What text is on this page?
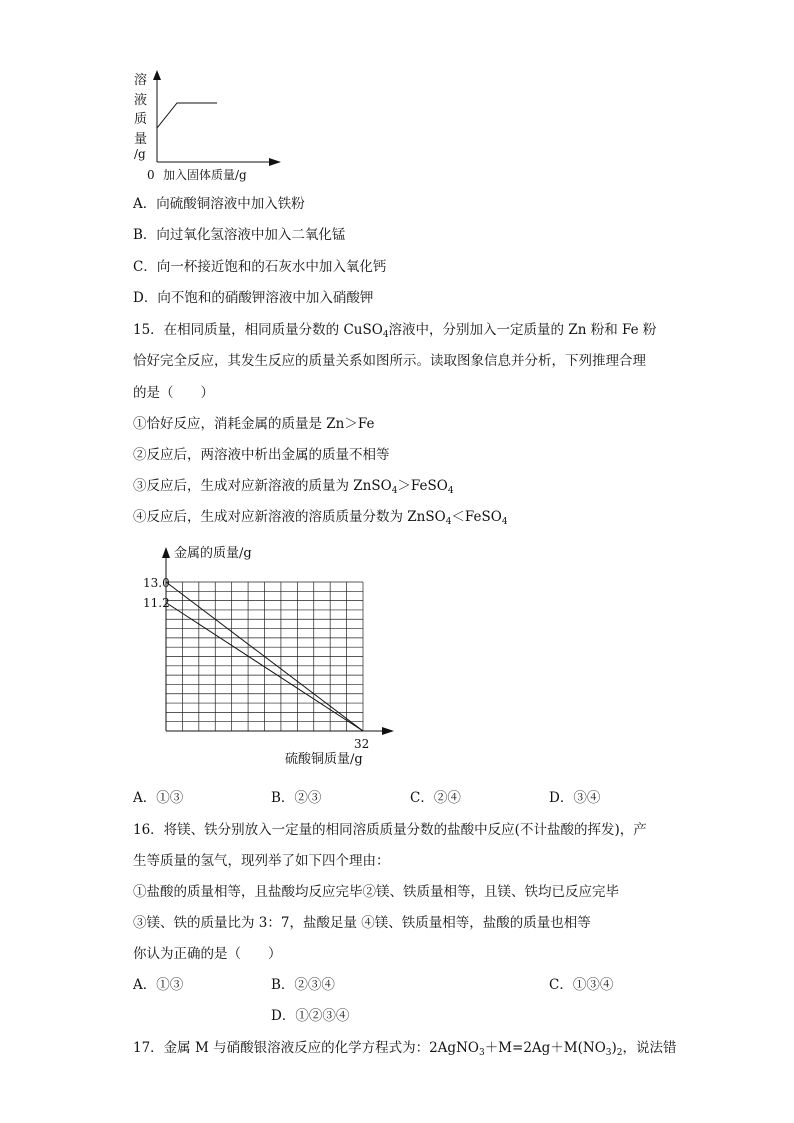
溶
液
质
量
/g
0 加入固体质量/g
A．向硫酸铜溶液中加入铁粉
B．向过氧化氢溶液中加入二氧化锰
C．向一杯接近饱和的石灰水中加入氧化钙
D．向不饱和的硝酸钾溶液中加入硝酸钾
15．在相同质量，相同质量分数的 CuSO$_4$溶液中，分别加入一定质量的 Zn 粉和 Fe 粉
恰好完全反应，其发生反应的质量关系如图所示。读取图象信息并分析，下列推理合理
的是（　　）
①恰好反应，消耗金属的质量是 Zn＞Fe
②反应后，两溶液中析出金属的质量不相等
③反应后，生成对应新溶液的质量为 ZnSO$_4$＞FeSO$_4$
④反应后，生成对应新溶液的溶质质量分数为 ZnSO$_4$＜FeSO$_4$
金属的质量/g
13.0
11.2
32
硫酸铜质量/g
A．①③	B．②③	C．②④	D．③④
16．将镁、铁分别放入一定量的相同溶质质量分数的盐酸中反应(不计盐酸的挥发)，产
生等质量的氢气，现列举了如下四个理由：
①盐酸的质量相等，且盐酸均反应完毕②镁、铁质量相等，且镁、铁均已反应完毕
③镁、铁的质量比为 3：7，盐酸足量 ④镁、铁质量相等，盐酸的质量也相等
你认为正确的是（　　）
A．①③	B．②③④	C．①③④
D．①②③④
17．金属 M 与硝酸银溶液反应的化学方程式为：$2AgNO_3+M=2Ag+M(NO_3)_2$，说法错
